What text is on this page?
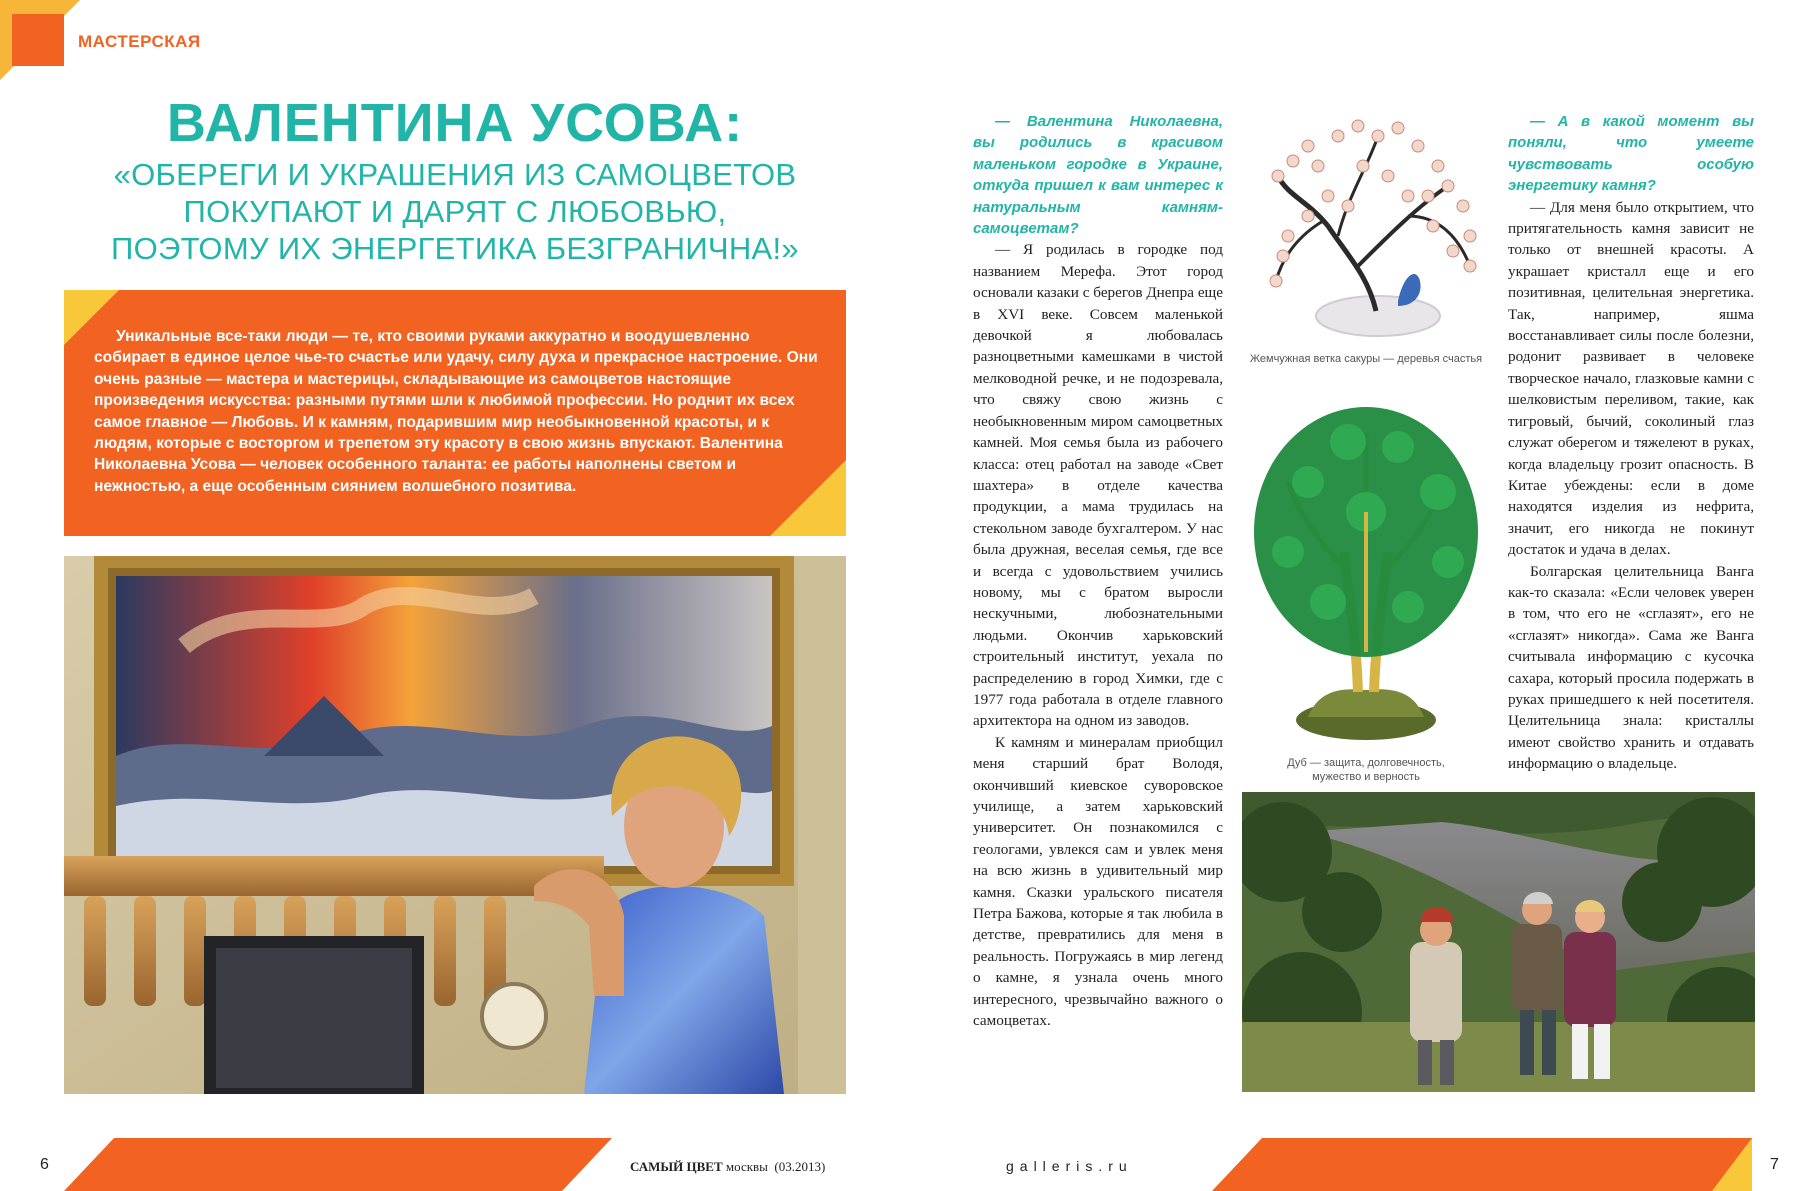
МАСТЕРСКАЯ
ВАЛЕНТИНА УСОВА:
«ОБЕРЕГИ И УКРАШЕНИЯ ИЗ САМОЦВЕТОВ
ПОКУПАЮТ И ДАРЯТ С ЛЮБОВЬЮ,
ПОЭТОМУ ИХ ЭНЕРГЕТИКА БЕЗГРАНИЧНА!»
Уникальные все-таки люди — те, кто своими руками аккуратно и воодушевленно собирает в единое целое чье-то счастье или удачу, силу духа и прекрасное настроение. Они очень разные — мастера и мастерицы, складывающие из самоцветов настоящие произведения искусства: разными путями шли к любимой профессии. Но роднит их всех самое главное — Любовь. И к камням, подарившим мир необыкновенной красоты, и к людям, которые с восторгом и трепетом эту красоту в свою жизнь впускают. Валентина Николаевна Усова — человек особенного таланта: ее работы наполнены светом и нежностью, а еще особенным сиянием волшебного позитива.

— Валентина Николаевна, вы родились в красивом маленьком городке в Украине, откуда пришел к вам интерес к натуральным камням-самоцветам?

— Я родилась в городке под названием Мерефа. Этот город основали казаки с берегов Днепра еще в XVI веке. Совсем маленькой девочкой я любовалась разноцветными камешками в чистой мелководной речке, и не подозревала, что свяжу свою жизнь с необыкновенным миром самоцветных камней. Моя семья была из рабочего класса: отец работал на заводе «Свет шахтера» в отделе качества продукции, а мама трудилась на стекольном заводе бухгалтером. У нас была дружная, веселая семья, где все и всегда с удовольствием учились новому, мы с братом выросли нескучными, любознательными людьми. Окончив харьковский строительный институт, уехала по распределению в город Химки, где с 1977 года работала в отделе главного архитектора на одном из заводов.

К камням и минералам приобщил меня старший брат Володя, окончивший киевское суворовское училище, а затем харьковский университет. Он познакомился с геологами, увлекся сам и увлек меня на всю жизнь в удивительный мир камня. Сказки уральского писателя Петра Бажова, которые я так любила в детстве, превратились для меня в реальность. Погружаясь в мир легенд о камне, я узнала очень много интересного, чрезвычайно важного о самоцветах.

Жемчужная ветка сакуры — деревья счастья
Дуб — защита, долговечность,
мужество и верность

— А в какой момент вы поняли, что умеете чувствовать особую энергетику камня?

— Для меня было открытием, что притягательность камня зависит не только от внешней красоты. А украшает кристалл еще и его позитивная, целительная энергетика. Так, например, яшма восстанавливает силы после болезни, родонит развивает в человеке творческое начало, глазковые камни с шелковистым переливом, такие, как тигровый, бычий, соколиный глаз служат оберегом и тяжелеют в руках, когда владельцу грозит опасность. В Китае убеждены: если в доме находятся изделия из нефрита, значит, его никогда не покинут достаток и удача в делах.

Болгарская целительница Ванга как-то сказала: «Если человек уверен в том, что его не «сглазят», его не «сглазят» никогда». Сама же Ванга считывала информацию с кусочка сахара, который просила подержать в руках пришедшего к ней посетителя. Целительница знала: кристаллы имеют свойство хранить и отдавать информацию о владельце.

6	7
САМЫЙ ЦВЕТ москвы (03.2013)	galleris.ru
